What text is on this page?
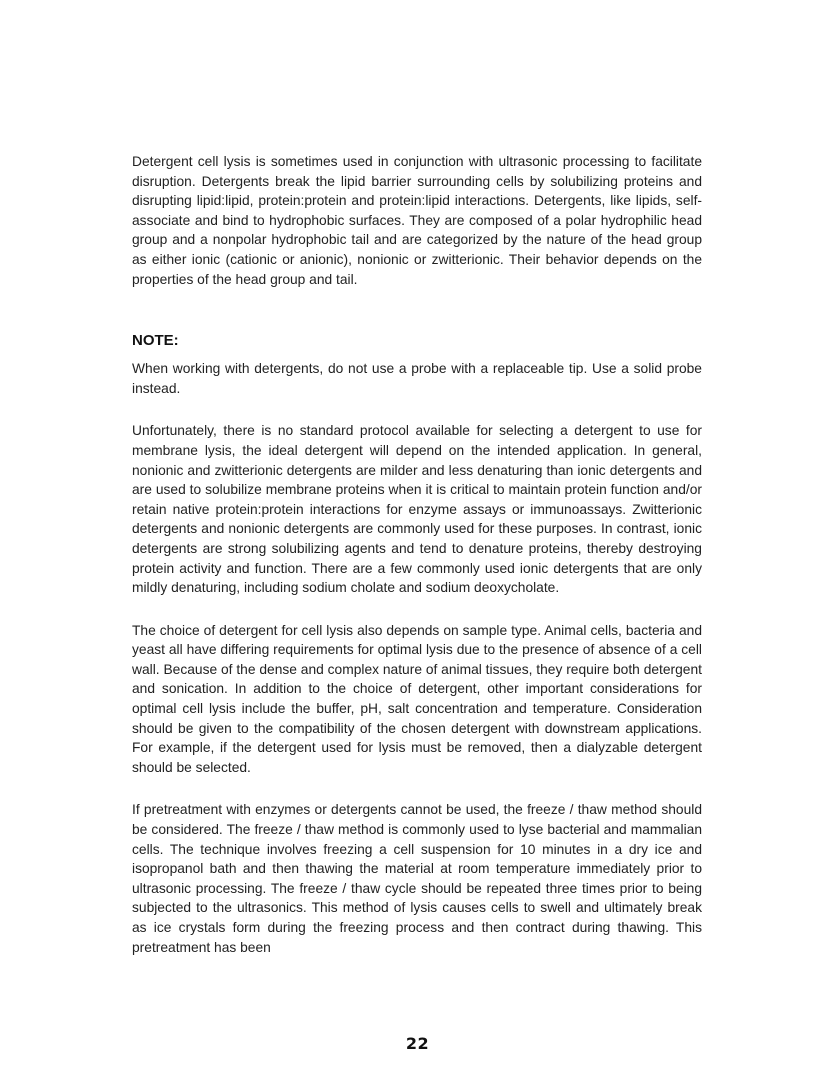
Detergent cell lysis is sometimes used in conjunction with ultrasonic processing to facilitate disruption. Detergents break the lipid barrier surrounding cells by solubilizing proteins and disrupting lipid:lipid, protein:protein and protein:lipid interactions. Detergents, like lipids, self-associate and bind to hydrophobic surfaces. They are composed of a polar hydrophilic head group and a nonpolar hydrophobic tail and are categorized by the nature of the head group as either ionic (cationic or anionic), nonionic or zwitterionic. Their behavior depends on the properties of the head group and tail.

NOTE:

When working with detergents, do not use a probe with a replaceable tip. Use a solid probe instead.

Unfortunately, there is no standard protocol available for selecting a detergent to use for membrane lysis, the ideal detergent will depend on the intended application. In general, nonionic and zwitterionic detergents are milder and less denaturing than ionic detergents and are used to solubilize membrane proteins when it is critical to maintain protein function and/or retain native protein:protein interactions for enzyme assays or immunoassays. Zwitterionic detergents and nonionic detergents are commonly used for these purposes. In contrast, ionic detergents are strong solubilizing agents and tend to denature proteins, thereby destroying protein activity and function. There are a few commonly used ionic detergents that are only mildly denaturing, including sodium cholate and sodium deoxycholate.

The choice of detergent for cell lysis also depends on sample type. Animal cells, bacteria and yeast all have differing requirements for optimal lysis due to the presence of absence of a cell wall. Because of the dense and complex nature of animal tissues, they require both detergent and sonication. In addition to the choice of detergent, other important considerations for optimal cell lysis include the buffer, pH, salt concentration and temperature. Consideration should be given to the compatibility of the chosen detergent with downstream applications. For example, if the detergent used for lysis must be removed, then a dialyzable detergent should be selected.

If pretreatment with enzymes or detergents cannot be used, the freeze / thaw method should be considered. The freeze / thaw method is commonly used to lyse bacterial and mammalian cells. The technique involves freezing a cell suspension for 10 minutes in a dry ice and isopropanol bath and then thawing the material at room temperature immediately prior to ultrasonic processing. The freeze / thaw cycle should be repeated three times prior to being subjected to the ultrasonics. This method of lysis causes cells to swell and ultimately break as ice crystals form during the freezing process and then contract during thawing. This pretreatment has been

22
